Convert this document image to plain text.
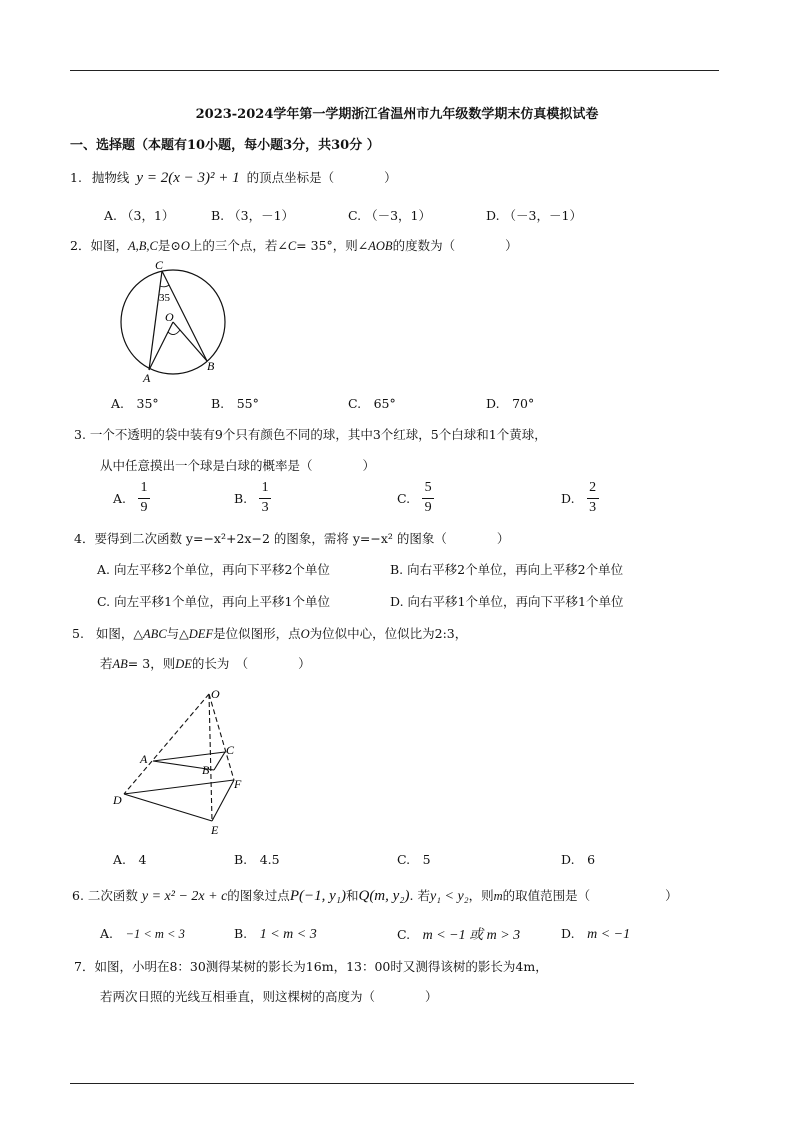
2023-2024学年第一学期浙江省温州市九年级数学期末仿真模拟试卷
一、选择题（本题有10小题，每小题3分，共30分 ）
1. 抛物线 y = 2(x − 3)² + 1 的顶点坐标是（　　　　）
A. （3，1）	B. （3，－1）	C. （－3，1）	D. （－3，－1）
2．如图，A,B,C是⊙O上的三个点，若∠C= 35°，则∠AOB的度数为（　　　　）
C
35
O
A
B
A.　 35°	B.　 55°	C.　 65°	D.　 70°
3. 一个不透明的袋中装有9个只有颜色不同的球，其中3个红球，5个白球和1个黄球，
从中任意摸出一个球是白球的概率是（　　　　）
A. $\frac{1}{9}$	B. $\frac{1}{3}$	C. $\frac{5}{9}$	D. $\frac{2}{3}$
4．要得到二次函数 y=−x²+2x−2 的图象，需将 y=−x² 的图象（　　　　）
A. 向左平移2个单位，再向下平移2个单位	B. 向右平移2个单位，再向上平移2个单位
C. 向左平移1个单位，再向上平移1个单位	D. 向右平移1个单位，再向下平移1个单位
5. 如图，△ABC与△DEF是位似图形，点O为位似中心，位似比为2:3，
若AB= 3，则DE的长为　（　　　　）
O
A
B
C
D
E
F
A.　 4	B.　 4.5	C.　 5	D.　 6
6. 二次函数 y = x² − 2x + c的图象过点P(−1, y₁)和Q(m, y₂). 若y₁ < y₂，则m的取值范围是（　　　　　　）
A.　 −1 < m < 3	B.　 1 < m < 3	C.　 m < −1 或 m > 3	D.　 m < −1
7．如图，小明在8：30测得某树的影长为16m，13：00时又测得该树的影长为4m，
若两次日照的光线互相垂直，则这棵树的高度为（　　　　）
